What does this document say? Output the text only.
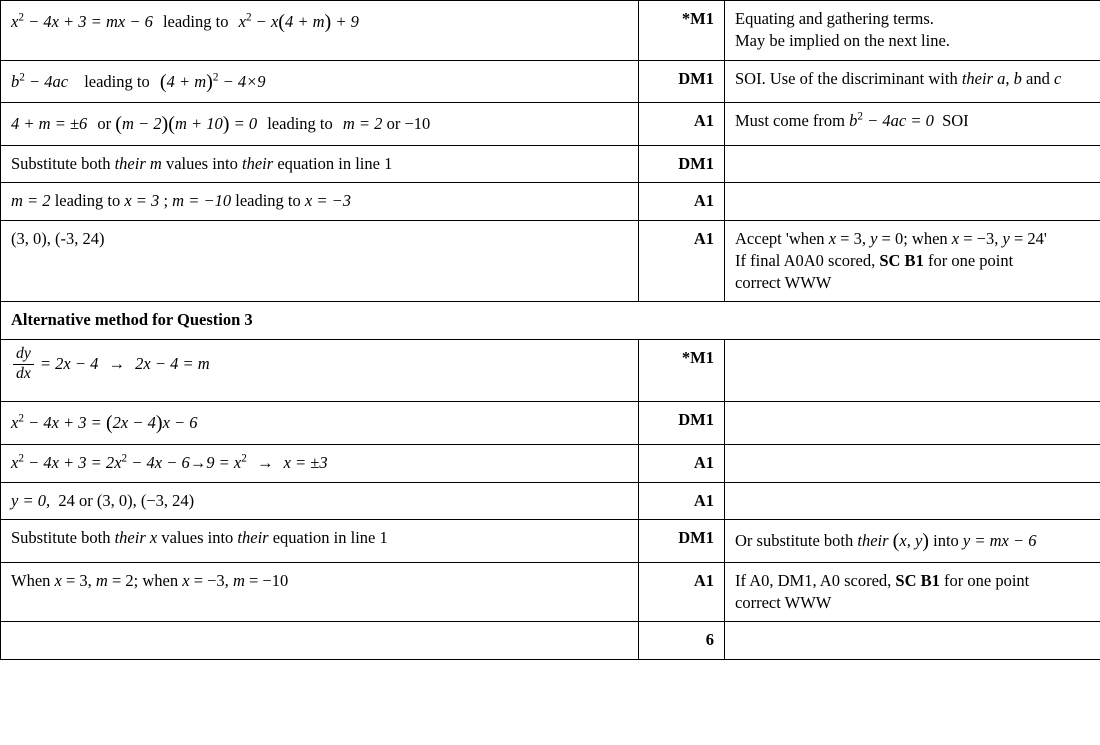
$x^2 - 4x + 3$ = mx − 6 leading to $x^2 - x(4 + m) + 9$	*M1	Equating and gathering terms.
May be implied on the next line.

$b^2 - 4ac$ leading to $(4 + m)^2 - 4\times 9$	DM1	SOI. Use of the discriminant with their a, b and c

4 + m = ±6 or (m − 2)(m + 10) = 0 leading to m = 2 or −10	A1	Must come from $b^2 - 4ac = 0$  SOI

Substitute both their m values into their equation in line 1	DM1	
m = 2 leading to x = 3 ; m = −10 leading to x = −3	A1	
(3, 0), (-3, 24)	A1	Accept 'when x = 3, y = 0; when x = −3, y = 24'
If final A0A0 scored, SC B1 for one point
correct WWW

Alternative method for Question 3		

$\frac{dy}{dx} = 2x - 4 \to 2x - 4 = m$	*M1	
$x^2 - 4x + 3 = (2x - 4)x - 6$	DM1	
$x^2 - 4x + 3 = 2x^2 - 4x - 6\to 9 = x^2 \to x = \pm 3$	A1	
y = 0,  24 or (3, 0), (−3, 24)	A1	
Substitute both their x values into their equation in line 1	DM1	Or substitute both their (x, y) into y = mx − 6

When x = 3, m = 2; when x = −3, m = −10	A1	If A0, DM1, A0 scored, SC B1 for one point
correct WWW

	6	
